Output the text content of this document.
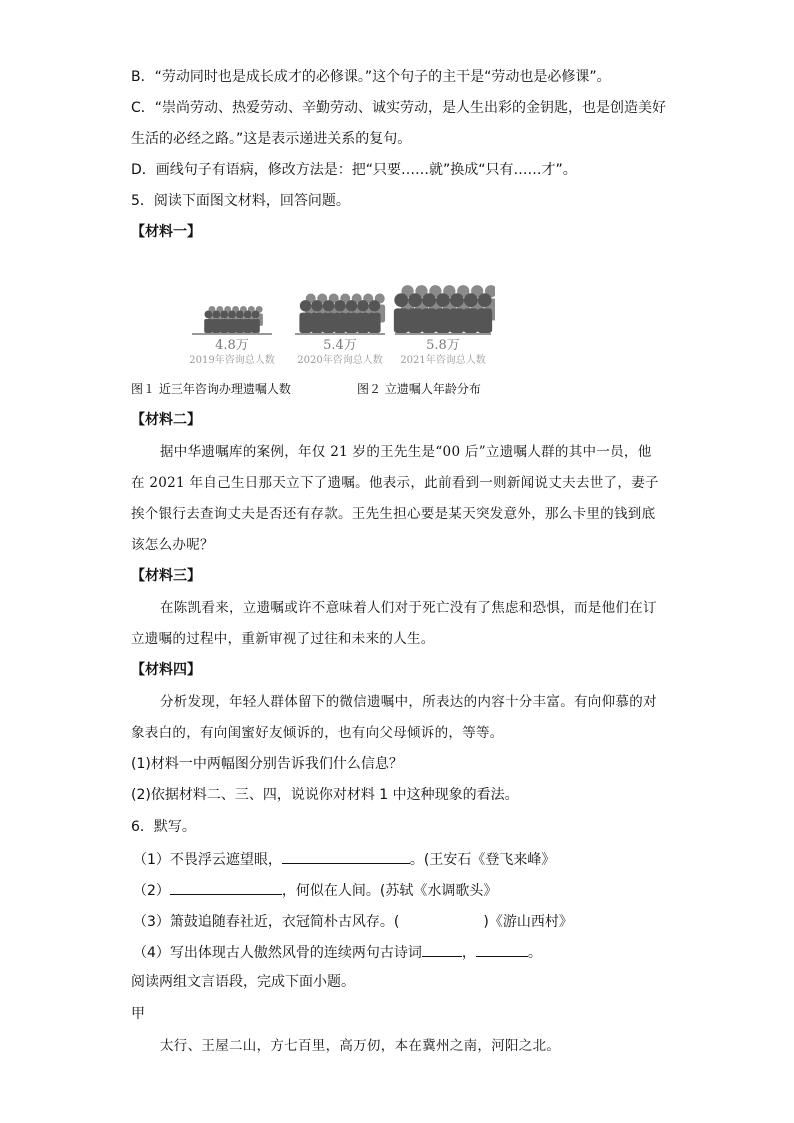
B．“劳动同时也是成长成才的必修课。”这个句子的主干是“劳动也是必修课”。
C．“崇尚劳动、热爱劳动、辛勤劳动、诚实劳动，是人生出彩的金钥匙，也是创造美好
生活的必经之路。”这是表示递进关系的复句。
D．画线句子有语病，修改方法是：把“只要……就”换成“只有……才”。
5．阅读下面图文材料，回答问题。
【材料一】
4.8万
2019年咨询总人数
5.4万
2020年咨询总人数
5.8万
2021年咨询总人数
图１ 近三年咨询办理遗嘱人数	图２ 立遗嘱人年龄分布
【材料二】
据中华遗嘱库的案例，年仅 21 岁的王先生是“00 后”立遗嘱人群的其中一员，他
在 2021 年自己生日那天立下了遗嘱。他表示，此前看到一则新闻说丈夫去世了，妻子
挨个银行去查询丈夫是否还有存款。王先生担心要是某天突发意外，那么卡里的钱到底
该怎么办呢？
【材料三】
在陈凯看来，立遗嘱或许不意味着人们对于死亡没有了焦虑和恐惧，而是他们在订
立遗嘱的过程中，重新审视了过往和未来的人生。
【材料四】
分析发现，年轻人群体留下的微信遗嘱中，所表达的内容十分丰富。有向仰慕的对
象表白的，有向闺蜜好友倾诉的，也有向父母倾诉的，等等。
(1)材料一中两幅图分别告诉我们什么信息？
(2)依据材料二、三、四，说说你对材料 1 中这种现象的看法。
6．默写。
（1）不畏浮云遮望眼，	。(王安石《登飞来峰》
（2）	，何似在人间。(苏轼《水调歌头》
（3）箫鼓追随春社近，衣冠简朴古风存。(	)《游山西村》
（4）写出体现古人傲然风骨的连续两句古诗词	，	。
阅读两组文言语段，完成下面小题。
甲
太行、王屋二山，方七百里，高万仞，本在冀州之南，河阳之北。
